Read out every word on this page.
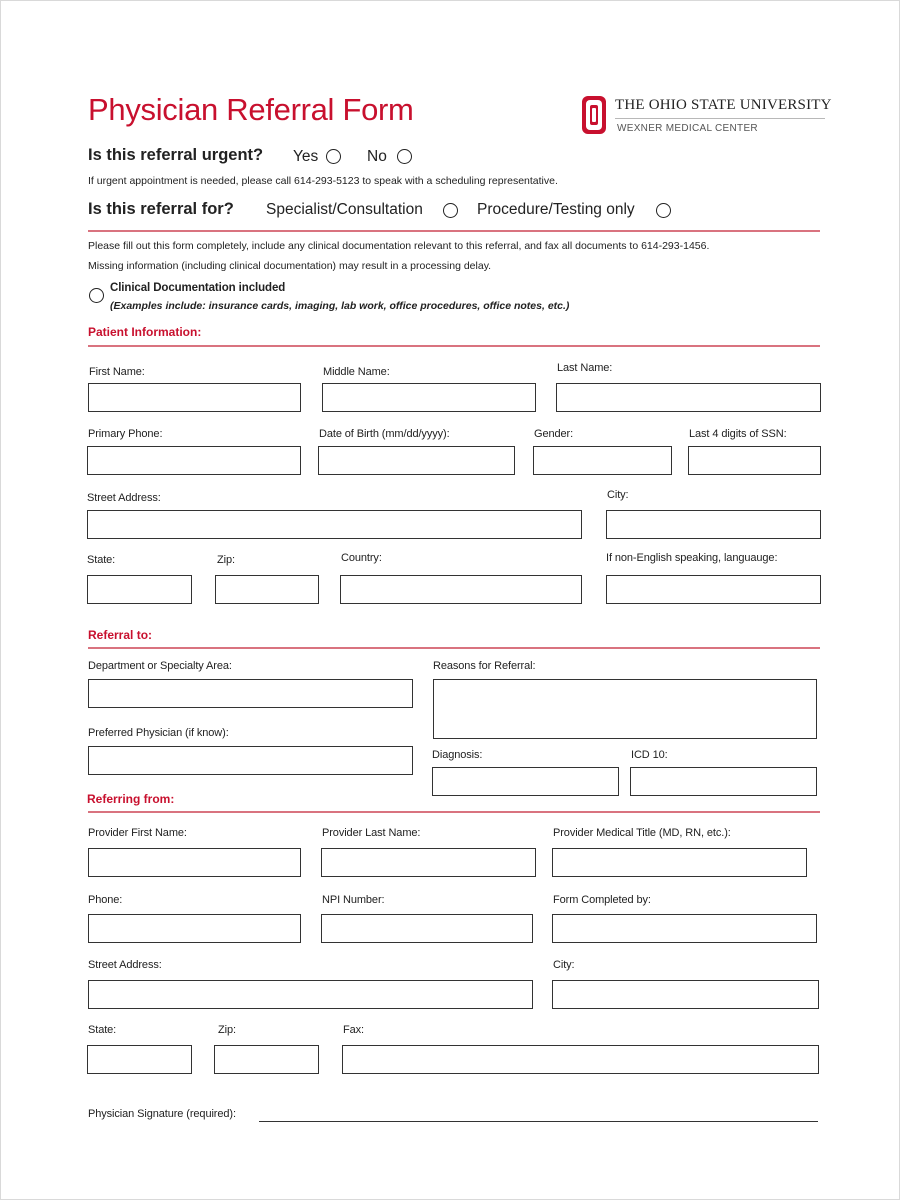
Physician Referral Form	THE OHIO STATE UNIVERSITY
WEXNER MEDICAL CENTER
Is this referral urgent? Yes	No
If urgent appointment is needed, please call 614-293-5123 to speak with a scheduling representative.
Is this referral for? Specialist/Consultation	Procedure/Testing only
Please fill out this form completely, include any clinical documentation relevant to this referral, and fax all documents to 614-293-1456.
Missing information (including clinical documentation) may result in a processing delay.
Clinical Documentation included
(Examples include: insurance cards, imaging, lab work, office procedures, office notes, etc.)
Patient Information:
First Name:	Middle Name:	Last Name:
Primary Phone:	Date of Birth (mm/dd/yyyy):	Gender:	Last 4 digits of SSN:
Street Address:	City:
State:	Zip:	Country:	If non-English speaking, languauge:
Referral to:
Department or Specialty Area:	Reasons for Referral:
Preferred Physician (if know):
Diagnosis:	ICD 10:
Referring from:
Provider First Name:	Provider Last Name:	Provider Medical Title (MD, RN, etc.):
Phone:	NPI Number:	Form Completed by:
Street Address:	City:
State:	Zip:	Fax:
Physician Signature (required):
